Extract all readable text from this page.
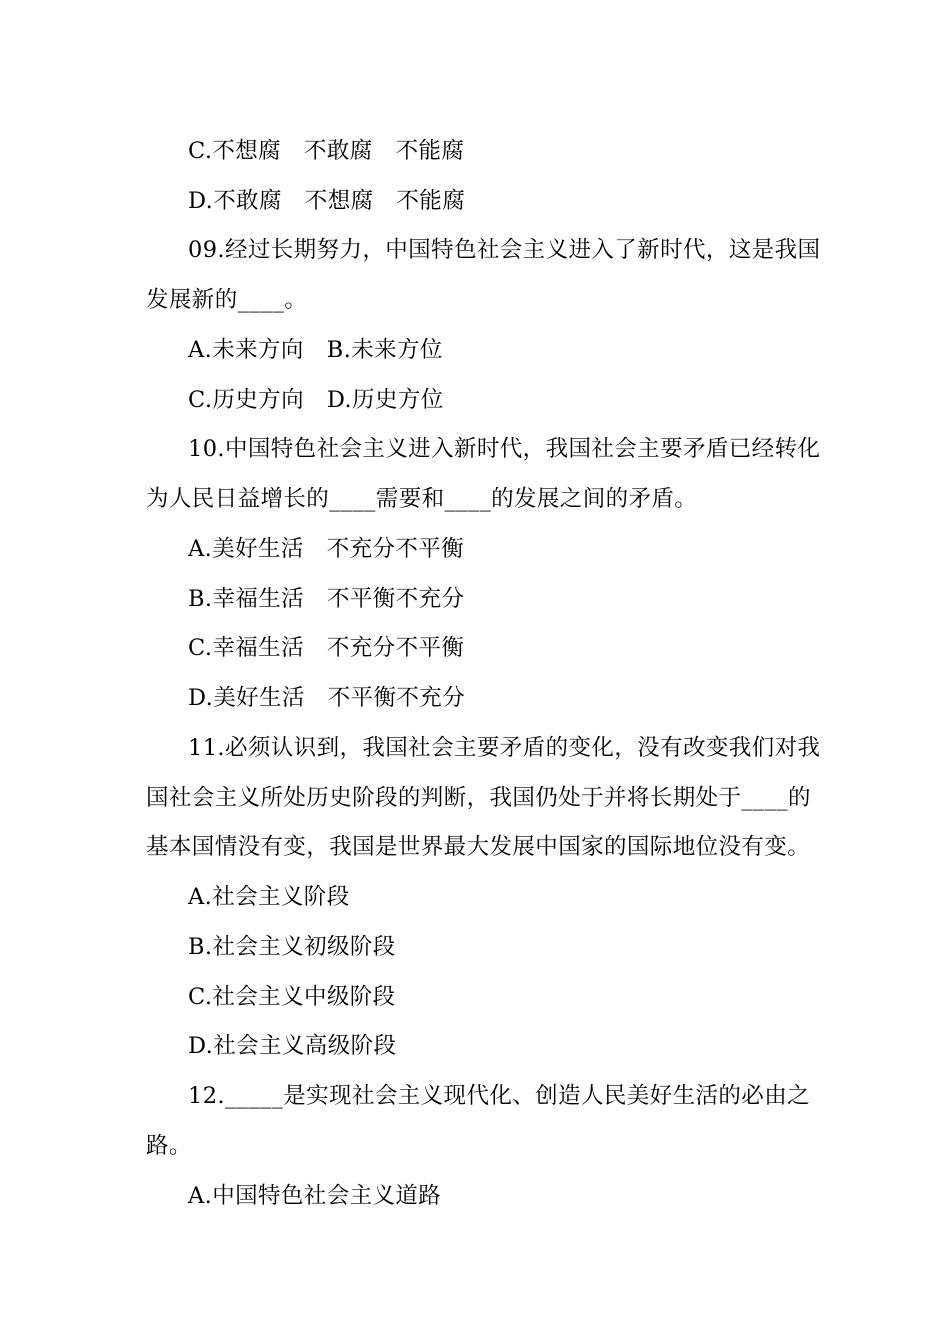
C.不想腐　不敢腐　不能腐
D.不敢腐　不想腐　不能腐
09.经过长期努力，中国特色社会主义进入了新时代，这是我国
发展新的____。
A.未来方向　B.未来方位
C.历史方向　D.历史方位
10.中国特色社会主义进入新时代，我国社会主要矛盾已经转化
为人民日益增长的____需要和____的发展之间的矛盾。
A.美好生活　不充分不平衡
B.幸福生活　不平衡不充分
C.幸福生活　不充分不平衡
D.美好生活　不平衡不充分
11.必须认识到，我国社会主要矛盾的变化，没有改变我们对我
国社会主义所处历史阶段的判断，我国仍处于并将长期处于____的
基本国情没有变，我国是世界最大发展中国家的国际地位没有变。
A.社会主义阶段
B.社会主义初级阶段
C.社会主义中级阶段
D.社会主义高级阶段
12._____是实现社会主义现代化、创造人民美好生活的必由之
路。
A.中国特色社会主义道路
